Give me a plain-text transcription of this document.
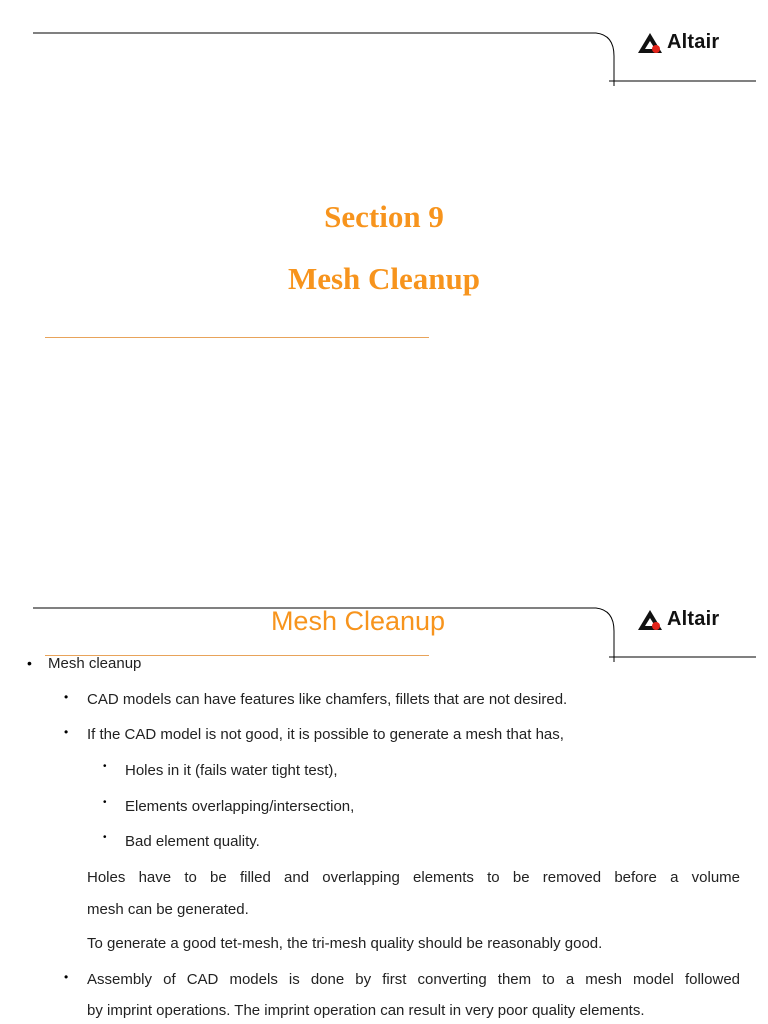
Altair
Section 9
Mesh Cleanup
Altair
Mesh Cleanup
• Mesh cleanup
• CAD models can have features like chamfers, fillets that are not desired.
• If the CAD model is not good, it is possible to generate a mesh that has,
• Holes in it (fails water tight test),
• Elements overlapping/intersection,
• Bad element quality.
Holes have to be filled and overlapping elements to be removed before a volume
mesh can be generated.
To generate a good tet-mesh, the tri-mesh quality should be reasonably good.
• Assembly of CAD models is done by first converting them to a mesh model followed
by imprint operations. The imprint operation can result in very poor quality elements.
